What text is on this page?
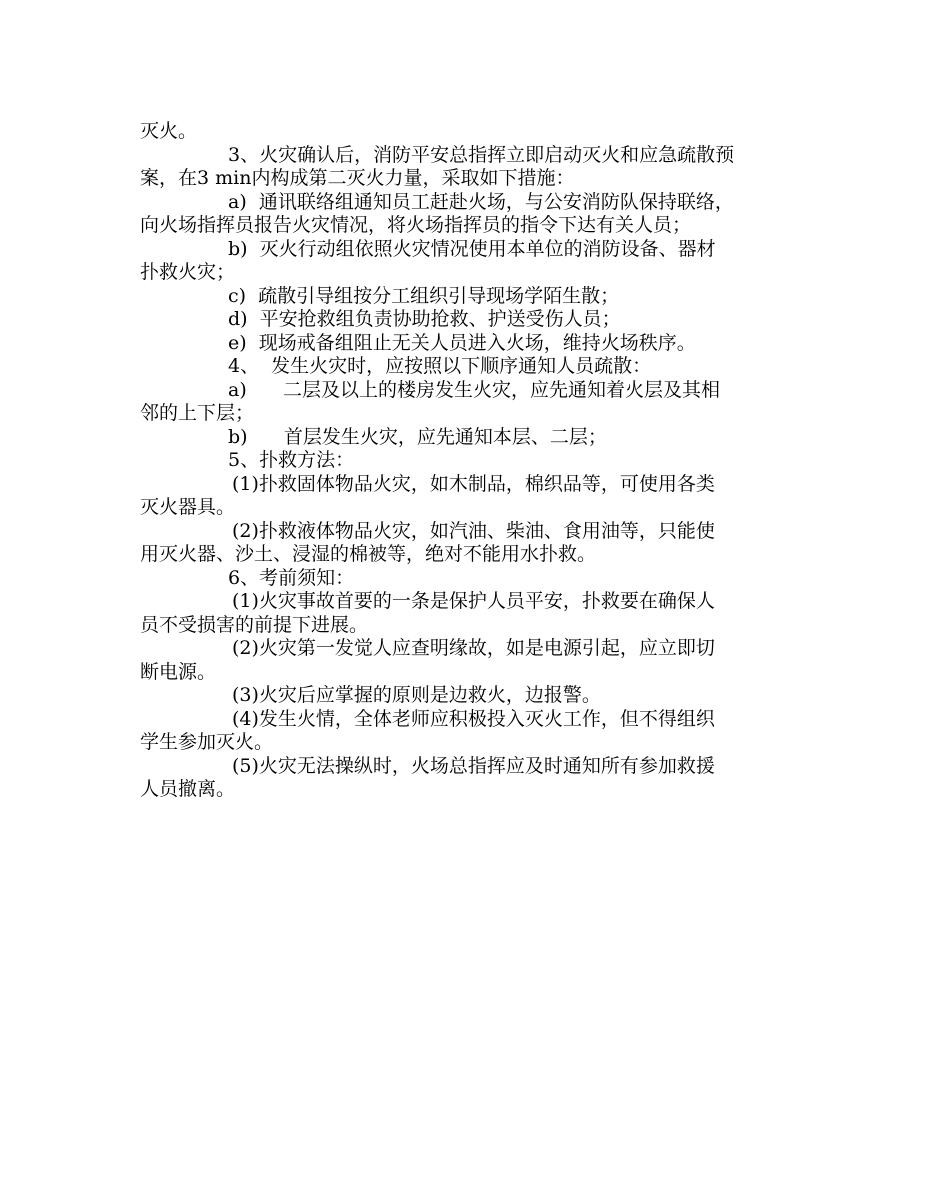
灭火。
3、火灾确认后，消防平安总指挥立即启动灭火和应急疏散预
案，在3 min内构成第二灭火力量，采取如下措施：
a)  通讯联络组通知员工赶赴火场，与公安消防队保持联络，
向火场指挥员报告火灾情况，将火场指挥员的指令下达有关人员；
b)  灭火行动组依照火灾情况使用本单位的消防设备、器材
扑救火灾；
c)  疏散引导组按分工组织引导现场学陌生散；
d)  平安抢救组负责协助抢救、护送受伤人员；
e)  现场戒备组阻止无关人员进入火场，维持火场秩序。
4、  发生火灾时，应按照以下顺序通知人员疏散：
a)      二层及以上的楼房发生火灾，应先通知着火层及其相
邻的上下层；
b)      首层发生火灾，应先通知本层、二层；
5、扑救方法：
(1)扑救固体物品火灾，如木制品，棉织品等，可使用各类
灭火器具。
(2)扑救液体物品火灾，如汽油、柴油、食用油等，只能使
用灭火器、沙土、浸湿的棉被等，绝对不能用水扑救。
6、考前须知：
(1)火灾事故首要的一条是保护人员平安，扑救要在确保人
员不受损害的前提下进展。
(2)火灾第一发觉人应查明缘故，如是电源引起，应立即切
断电源。
(3)火灾后应掌握的原则是边救火，边报警。
(4)发生火情，全体老师应积极投入灭火工作，但不得组织
学生参加灭火。
(5)火灾无法操纵时，火场总指挥应及时通知所有参加救援
人员撤离。
